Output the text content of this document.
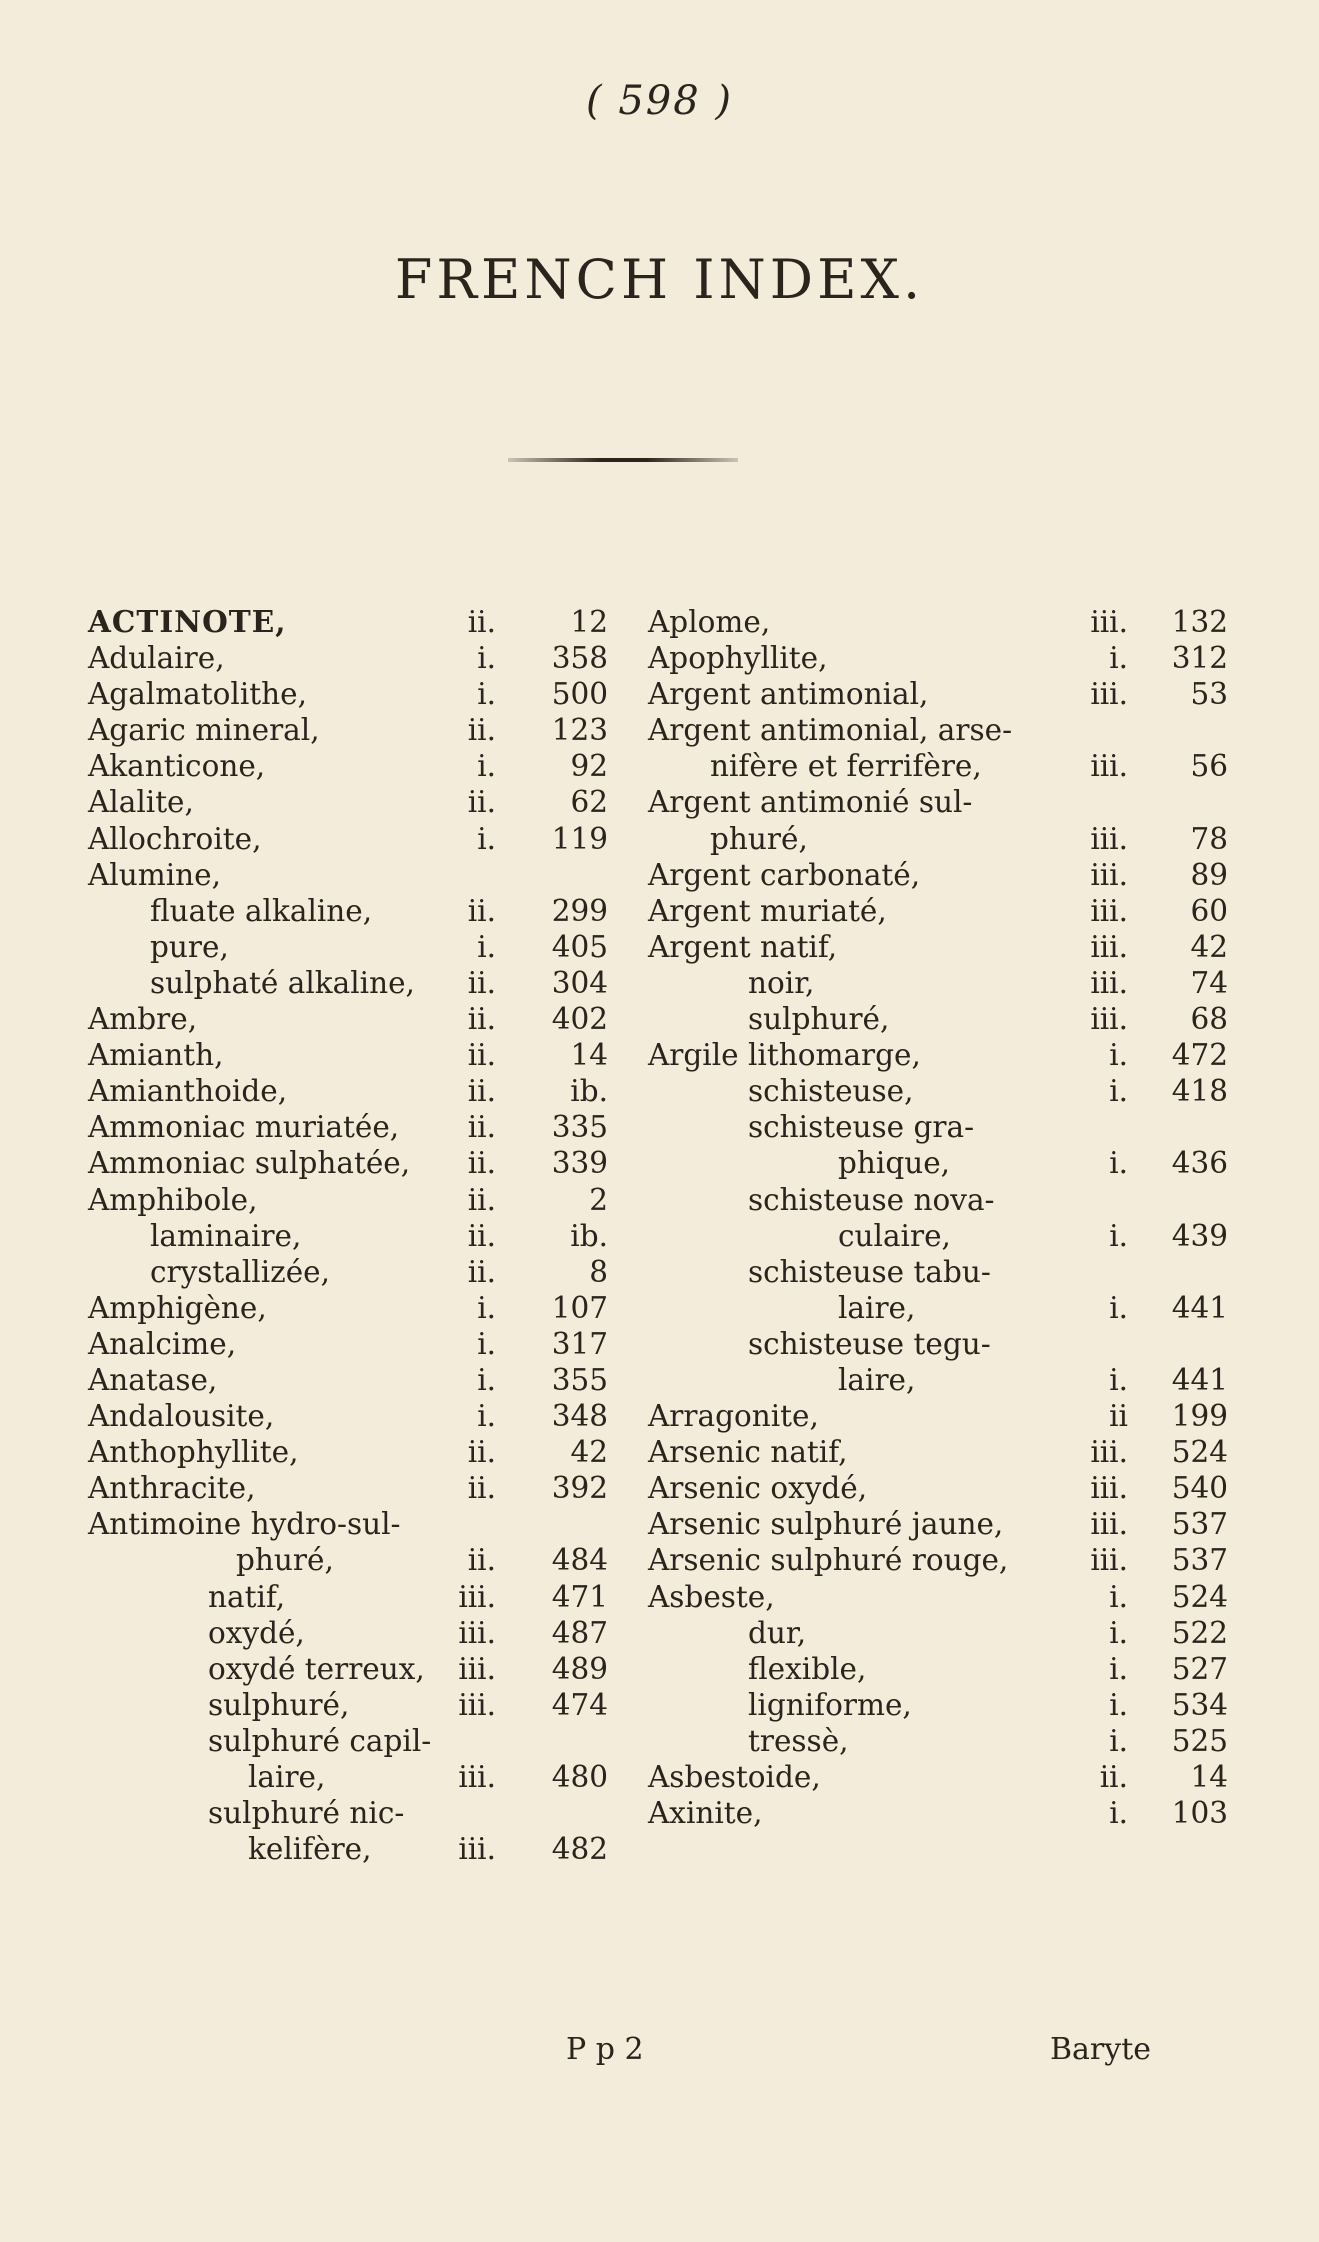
( 598 )
FRENCH INDEX.
ACTINOTE,	ii.	12
Adulaire,	i.	358
Agalmatolithe,	i.	500
Agaric mineral,	ii.	123
Akanticone,	i.	92
Alalite,	ii.	62
Allochroite,	i.	119
Alumine,
fluate alkaline,	ii.	299
pure,	i.	405
sulphaté alkaline,	ii.	304
Ambre,	ii.	402
Amianth,	ii.	14
Amianthoide,	ii.	ib.
Ammoniac muriatée,	ii.	335
Ammoniac sulphatée,	ii.	339
Amphibole,	ii.	2
laminaire,	ii.	ib.
crystallizée,	ii.	8
Amphigène,	i.	107
Analcime,	i.	317
Anatase,	i.	355
Andalousite,	i.	348
Anthophyllite,	ii.	42
Anthracite,	ii.	392
Antimoine hydro-sul-
phuré,	ii.	484
natif,	iii.	471
oxydé,	iii.	487
oxydé terreux,	iii.	489
sulphuré,	iii.	474
sulphuré capil-
laire,	iii.	480
sulphuré nic-
kelifère,	iii.	482
Aplome,	iii.	132
Apophyllite,	i.	312
Argent antimonial,	iii.	53
Argent antimonial, arse-
nifère et ferrifère,	iii.	56
Argent antimonié sul-
phuré,	iii.	78
Argent carbonaté,	iii.	89
Argent muriaté,	iii.	60
Argent natif,	iii.	42
noir,	iii.	74
sulphuré,	iii.	68
Argile lithomarge,	i.	472
schisteuse,	i.	418
schisteuse gra-
phique,	i.	436
schisteuse nova-
culaire,	i.	439
schisteuse tabu-
laire,	i.	441
schisteuse tegu-
laire,	i.	441
Arragonite,	ii	199
Arsenic natif,	iii.	524
Arsenic oxydé,	iii.	540
Arsenic sulphuré jaune,	iii.	537
Arsenic sulphuré rouge,	iii.	537
Asbeste,	i.	524
dur,	i.	522
flexible,	i.	527
ligniforme,	i.	534
tressè,	i.	525
Asbestoide,	ii.	14
Axinite,	i.	103
P p 2	Baryte
